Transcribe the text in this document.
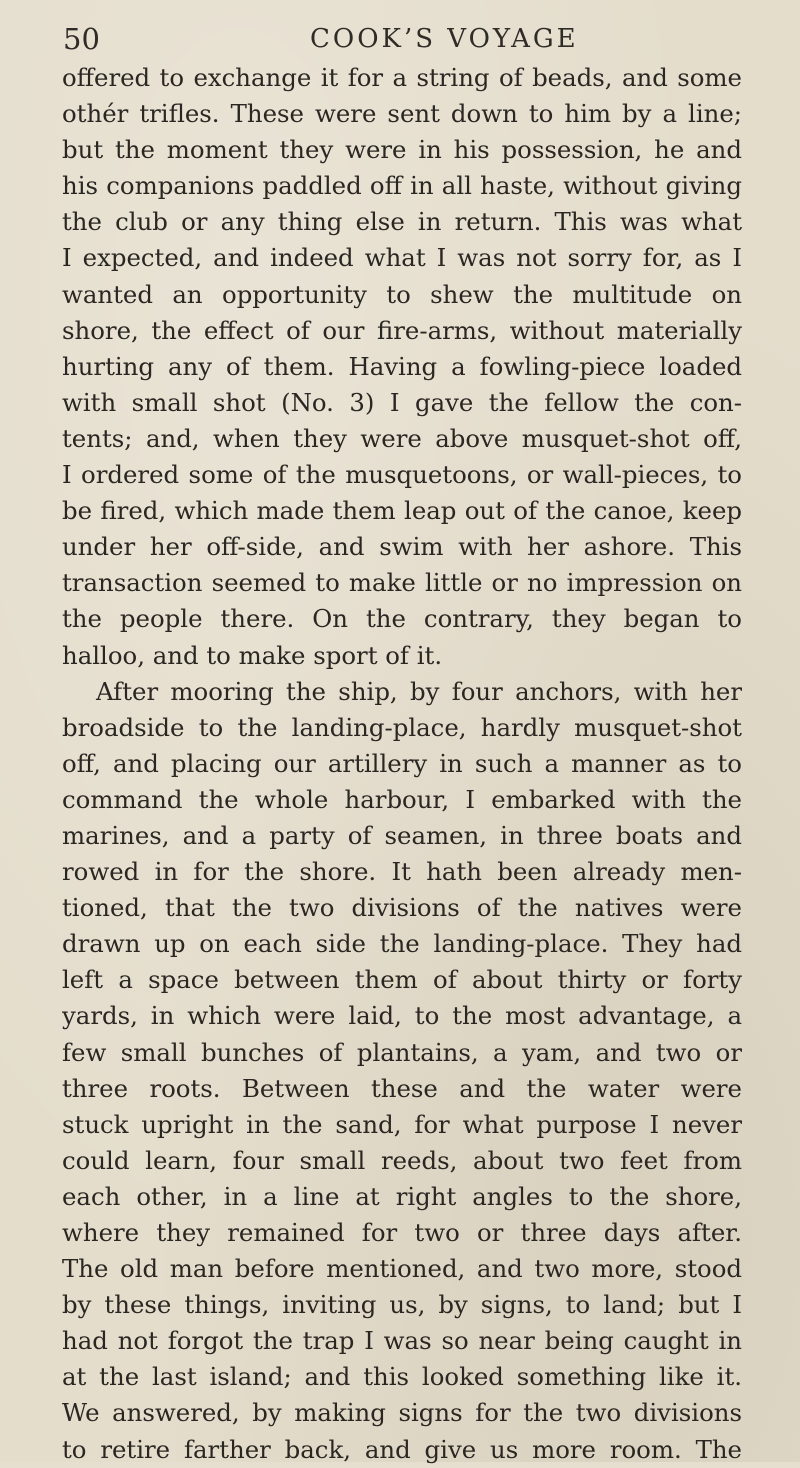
50	COOK’S VOYAGE
offered to exchange it for a string of beads, and some
othér trifles. These were sent down to him by a line;
but the moment they were in his possession, he and
his companions paddled off in all haste, without giving
the club or any thing else in return. This was what
I expected, and indeed what I was not sorry for, as I
wanted an opportunity to shew the multitude on
shore, the effect of our fire-arms, without materially
hurting any of them. Having a fowling-piece loaded
with small shot (No. 3) I gave the fellow the con-
tents; and, when they were above musquet-shot off,
I ordered some of the musquetoons, or wall-pieces, to
be fired, which made them leap out of the canoe, keep
under her off-side, and swim with her ashore. This
transaction seemed to make little or no impression on
the people there. On the contrary, they began to
halloo, and to make sport of it.
After mooring the ship, by four anchors, with her
broadside to the landing-place, hardly musquet-shot
off, and placing our artillery in such a manner as to
command the whole harbour, I embarked with the
marines, and a party of seamen, in three boats and
rowed in for the shore. It hath been already men-
tioned, that the two divisions of the natives were
drawn up on each side the landing-place. They had
left a space between them of about thirty or forty
yards, in which were laid, to the most advantage, a
few small bunches of plantains, a yam, and two or
three roots. Between these and the water were
stuck upright in the sand, for what purpose I never
could learn, four small reeds, about two feet from
each other, in a line at right angles to the shore,
where they remained for two or three days after.
The old man before mentioned, and two more, stood
by these things, inviting us, by signs, to land; but I
had not forgot the trap I was so near being caught in
at the last island; and this looked something like it.
We answered, by making signs for the two divisions
to retire farther back, and give us more room. The
